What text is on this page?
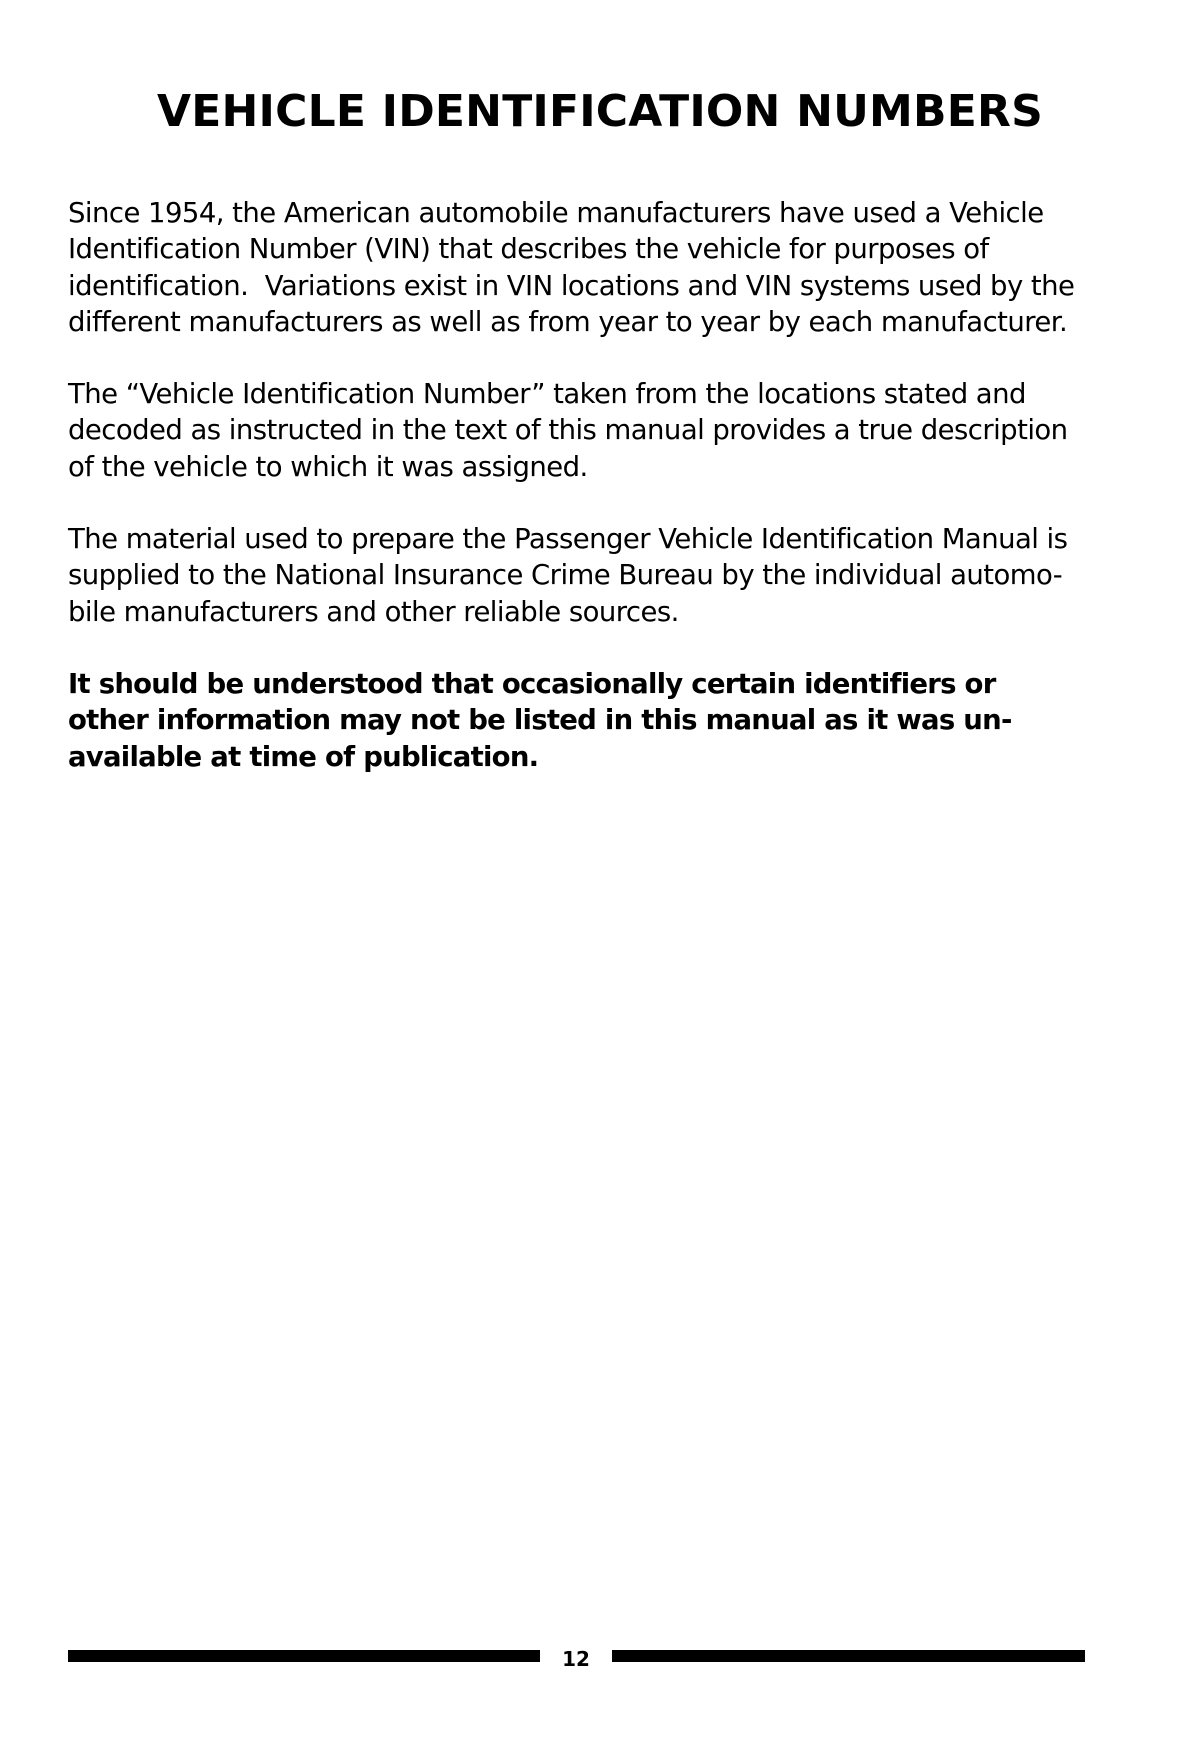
VEHICLE IDENTIFICATION NUMBERS

Since 1954, the American automobile manufacturers have used a Vehicle
Identification Number (VIN) that describes the vehicle for purposes of
identification.  Variations exist in VIN locations and VIN systems used by the
different manufacturers as well as from year to year by each manufacturer.

The “Vehicle Identification Number” taken from the locations stated and
decoded as instructed in the text of this manual provides a true description
of the vehicle to which it was assigned.

The material used to prepare the Passenger Vehicle Identification Manual is
supplied to the National Insurance Crime Bureau by the individual automo-
bile manufacturers and other reliable sources.

It should be understood that occasionally certain identifiers or
other information may not be listed in this manual as it was un-
available at time of publication.

12
